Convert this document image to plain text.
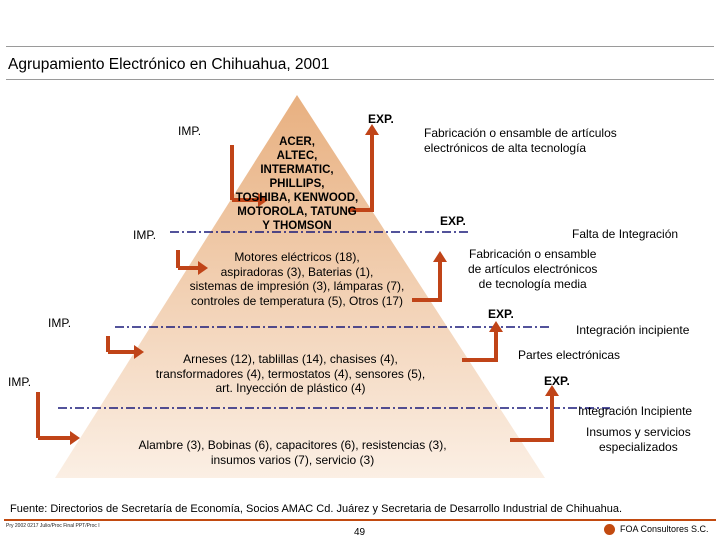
Agrupamiento Electrónico en Chihuahua, 2001
ACER,
ALTEC,
INTERMATIC,
PHILLIPS,
TOSHIBA, KENWOOD,
MOTOROLA, TATUNG
Y THOMSON
Motores eléctricos (18),
aspiradoras (3), Baterias (1),
sistemas de impresión (3), lámparas (7),
controles de temperatura (5), Otros (17)
Arneses (12), tablillas (14), chasises (4),
transformadores (4), termostatos (4), sensores (5),
art. Inyección de plástico (4)
Alambre (3), Bobinas (6), capacitores (6), resistencias (3),
insumos varios (7), servicio (3)
IMP.
IMP.
IMP.
IMP.
EXP.
EXP.
EXP.
EXP.
Fabricación o ensamble de artículos
electrónicos de alta tecnología
Falta de Integración
Fabricación o ensamble
de artículos electrónicos
de tecnología media
Integración incipiente
Partes electrónicas
Integración Incipiente
Insumos y servicios
especializados
Fuente: Directorios de Secretaría de Economía, Socios AMAC Cd. Juárez y Secretaria de Desarrollo Industrial de Chihuahua.
Pry 2002 0217 Julio/Proc Final PPT/Proc I
49	FOA Consultores S.C.
